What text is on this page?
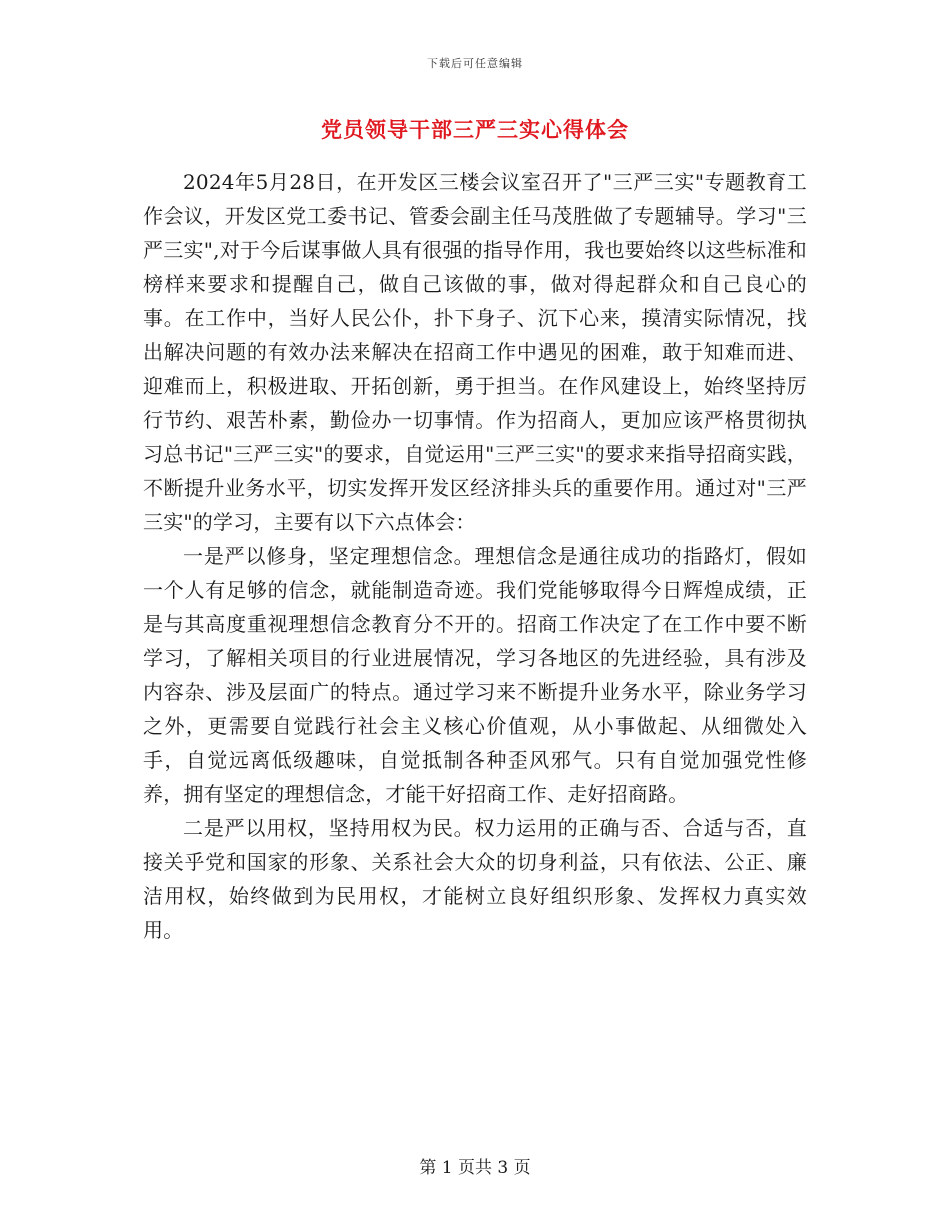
下载后可任意编辑
党员领导干部三严三实心得体会

2024年5月28日，在开发区三楼会议室召开了"三严三实"专题教育工作会议，开发区党工委书记、管委会副主任马茂胜做了专题辅导。学习"三严三实",对于今后谋事做人具有很强的指导作用，我也要始终以这些标准和榜样来要求和提醒自己，做自己该做的事，做对得起群众和自己良心的事。在工作中，当好人民公仆，扑下身子、沉下心来，摸清实际情况，找出解决问题的有效办法来解决在招商工作中遇见的困难，敢于知难而进、迎难而上，积极进取、开拓创新，勇于担当。在作风建设上，始终坚持厉行节约、艰苦朴素，勤俭办一切事情。作为招商人，更加应该严格贯彻执习总书记"三严三实"的要求，自觉运用"三严三实"的要求来指导招商实践，不断提升业务水平，切实发挥开发区经济排头兵的重要作用。通过对"三严三实"的学习，主要有以下六点体会：

一是严以修身，坚定理想信念。理想信念是通往成功的指路灯，假如一个人有足够的信念，就能制造奇迹。我们党能够取得今日辉煌成绩，正是与其高度重视理想信念教育分不开的。招商工作决定了在工作中要不断学习，了解相关项目的行业进展情况，学习各地区的先进经验，具有涉及内容杂、涉及层面广的特点。通过学习来不断提升业务水平，除业务学习之外，更需要自觉践行社会主义核心价值观，从小事做起、从细微处入手，自觉远离低级趣味，自觉抵制各种歪风邪气。只有自觉加强党性修养，拥有坚定的理想信念，才能干好招商工作、走好招商路。

二是严以用权，坚持用权为民。权力运用的正确与否、合适与否，直接关乎党和国家的形象、关系社会大众的切身利益，只有依法、公正、廉洁用权，始终做到为民用权，才能树立良好组织形象、发挥权力真实效用。

第 1 页共 3 页
